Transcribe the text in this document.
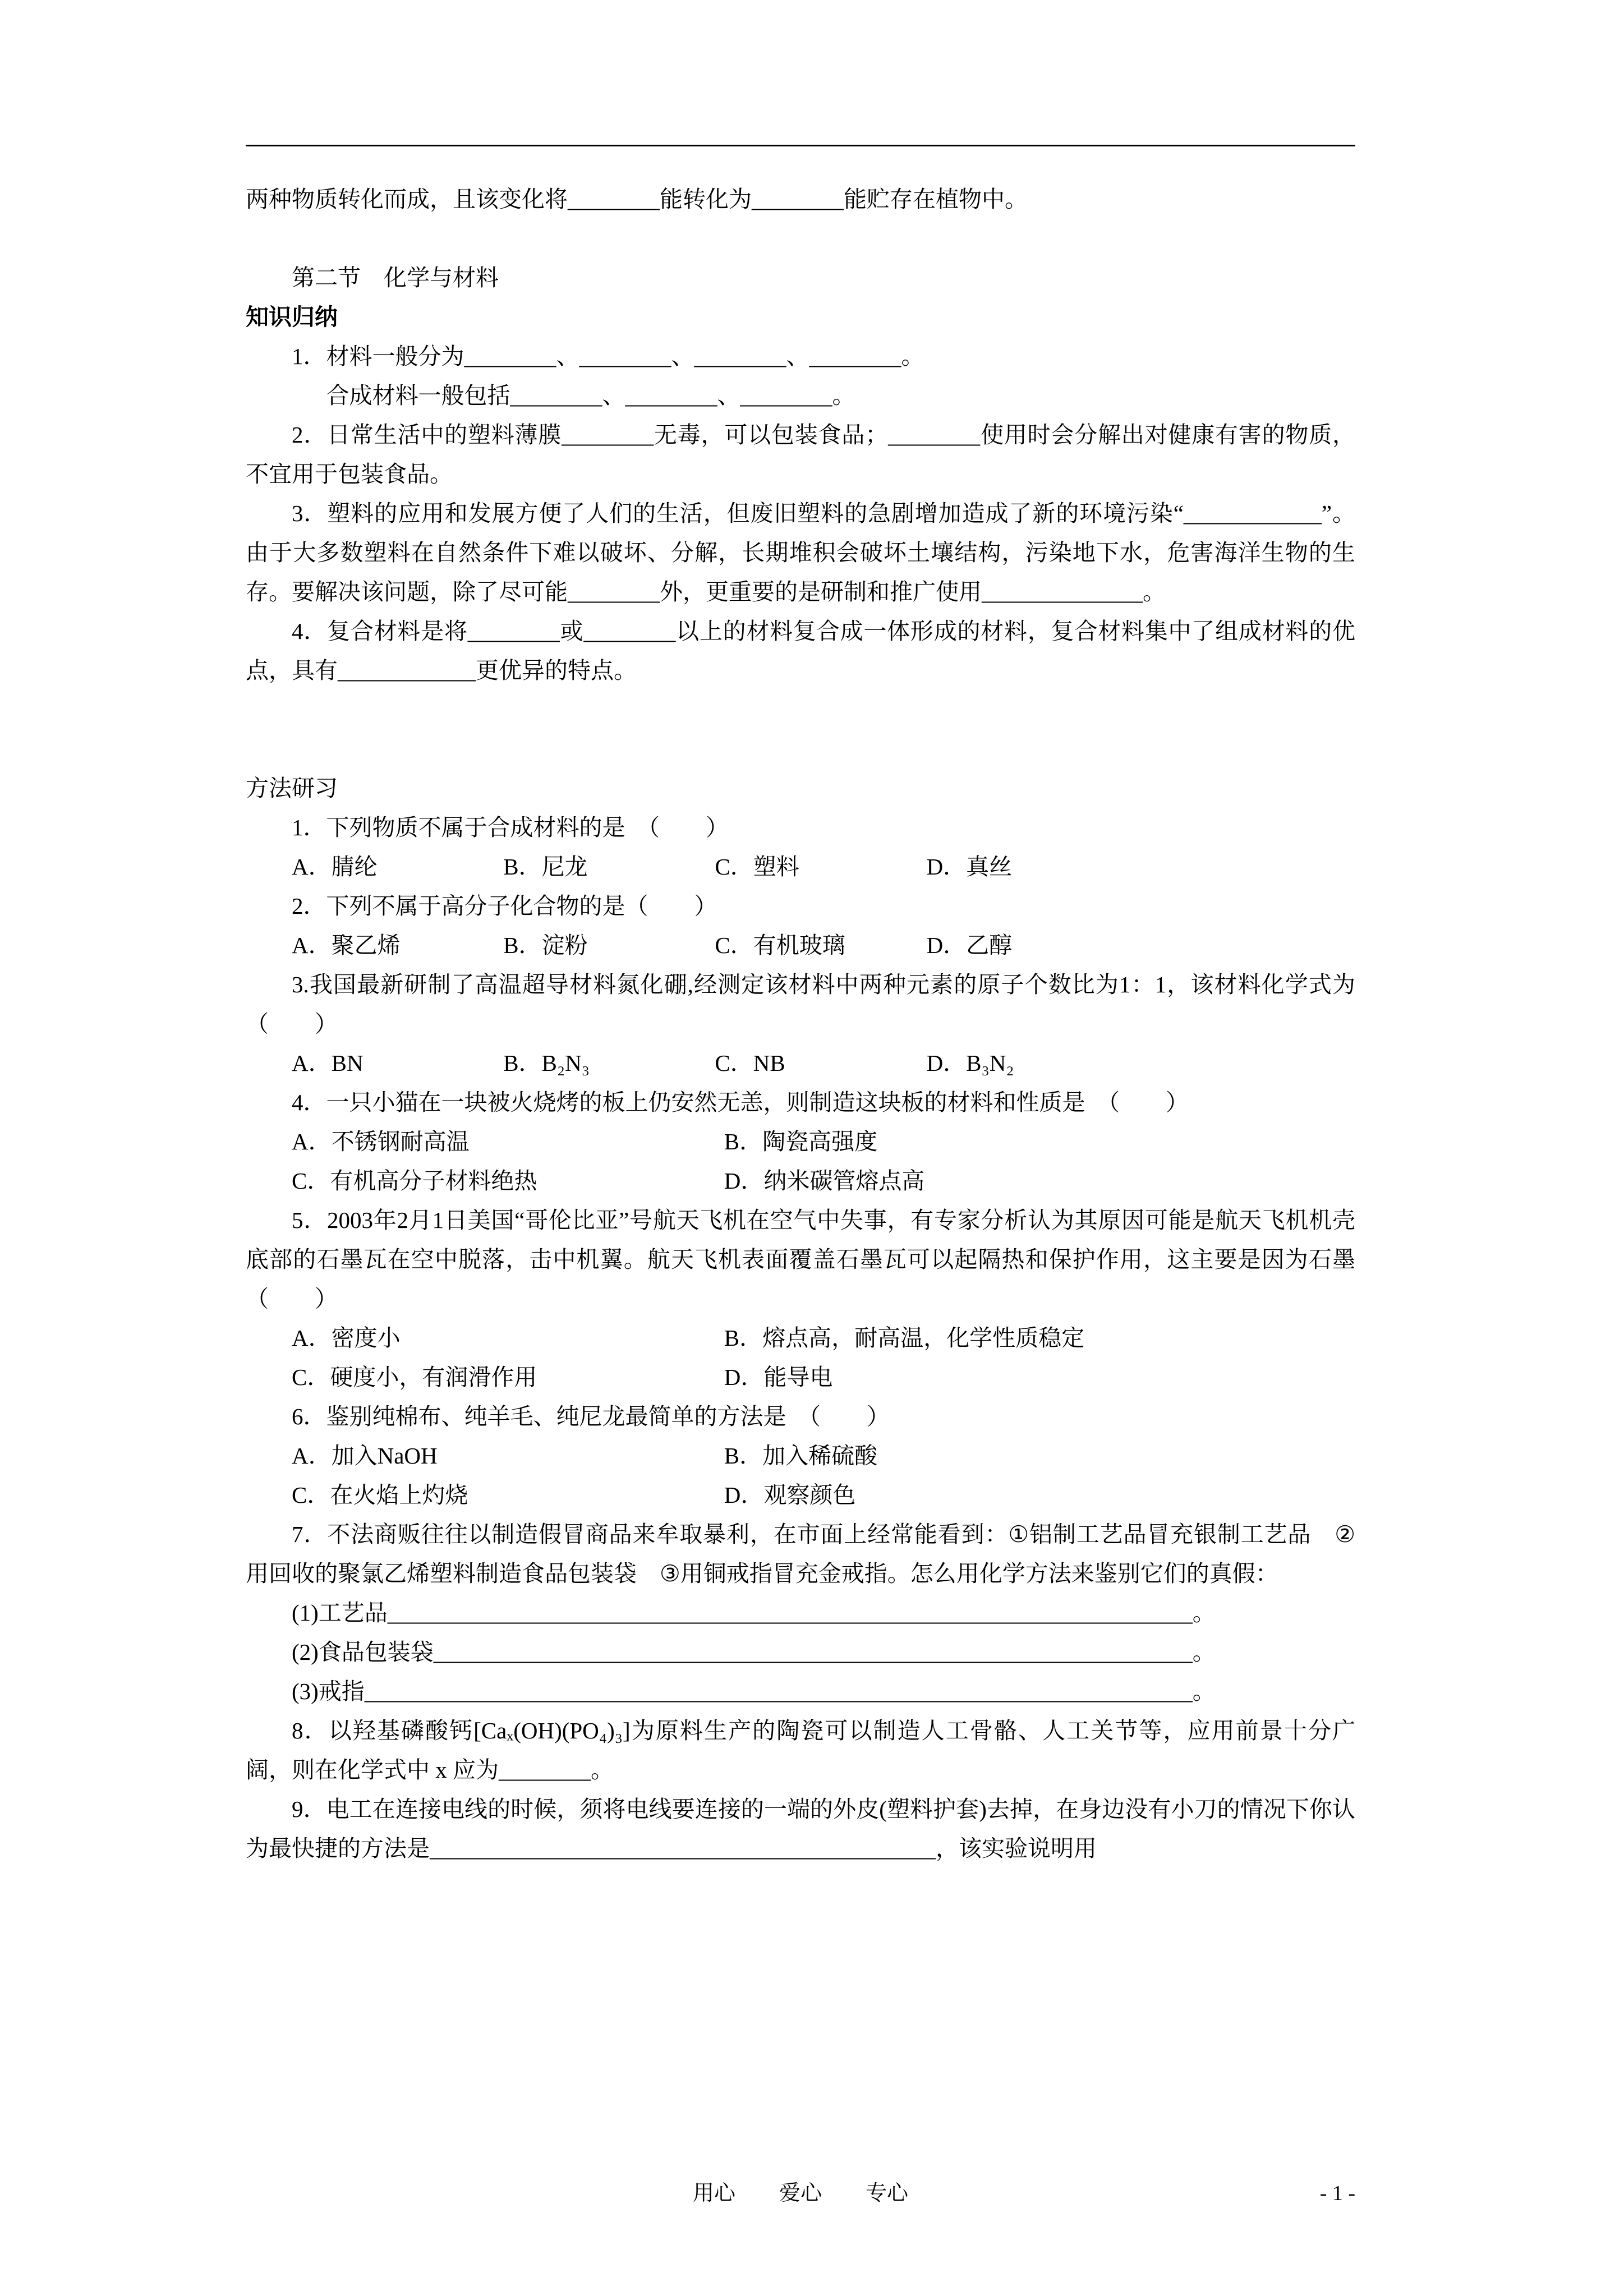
两种物质转化而成，且该变化将________能转化为________能贮存在植物中。

第二节　化学与材料

知识归纳

1．材料一般分为________、________、________、________。

合成材料一般包括________、________、________。

2．日常生活中的塑料薄膜________无毒，可以包装食品；________使用时会分解出对健康有害的物质，不宜用于包装食品。

3．塑料的应用和发展方便了人们的生活，但废旧塑料的急剧增加造成了新的环境污染“____________”。由于大多数塑料在自然条件下难以破坏、分解，长期堆积会破坏土壤结构，污染地下水，危害海洋生物的生存。要解决该问题，除了尽可能________外，更重要的是研制和推广使用______________。

4．复合材料是将________或________以上的材料复合成一体形成的材料，复合材料集中了组成材料的优点，具有____________更优异的特点。

方法研习

1．下列物质不属于合成材料的是　（　　）

A．腈纶	B．尼龙	C．塑料	D．真丝

2．下列不属于高分子化合物的是（　　）

A．聚乙烯	B．淀粉	C．有机玻璃	D．乙醇

3.我国最新研制了高温超导材料氮化硼,经测定该材料中两种元素的原子个数比为1：1，该材料化学式为　（　　）

A．BN	B．B₂N₃	C．NB	D．B₃N₂

4．一只小猫在一块被火烧烤的板上仍安然无恙，则制造这块板的材料和性质是　（　　）

A．不锈钢耐高温	B．陶瓷高强度

C．有机高分子材料绝热	D．纳米碳管熔点高

5．2003年2月1日美国“哥伦比亚”号航天飞机在空气中失事，有专家分析认为其原因可能是航天飞机机壳底部的石墨瓦在空中脱落，击中机翼。航天飞机表面覆盖石墨瓦可以起隔热和保护作用，这主要是因为石墨　（　　）

A．密度小	B．熔点高，耐高温，化学性质稳定

C．硬度小，有润滑作用	D．能导电

6．鉴别纯棉布、纯羊毛、纯尼龙最简单的方法是　（　　）

A．加入NaOH	B．加入稀硫酸

C．在火焰上灼烧	D．观察颜色

7．不法商贩往往以制造假冒商品来牟取暴利，在市面上经常能看到：①铝制工艺品冒充银制工艺品　②用回收的聚氯乙烯塑料制造食品包装袋　③用铜戒指冒充金戒指。怎么用化学方法来鉴别它们的真假：

(1)工艺品______________________________________________________________________。

(2)食品包装袋__________________________________________________________________。

(3)戒指________________________________________________________________________。

8．以羟基磷酸钙[Caₓ(OH)(PO₄)₃]为原料生产的陶瓷可以制造人工骨骼、人工关节等，应用前景十分广阔，则在化学式中 x 应为________。

9．电工在连接电线的时候，须将电线要连接的一端的外皮(塑料护套)去掉，在身边没有小刀的情况下你认为最快捷的方法是____________________________________________，该实验说明用

用心 爱心 专心	- 1 -
